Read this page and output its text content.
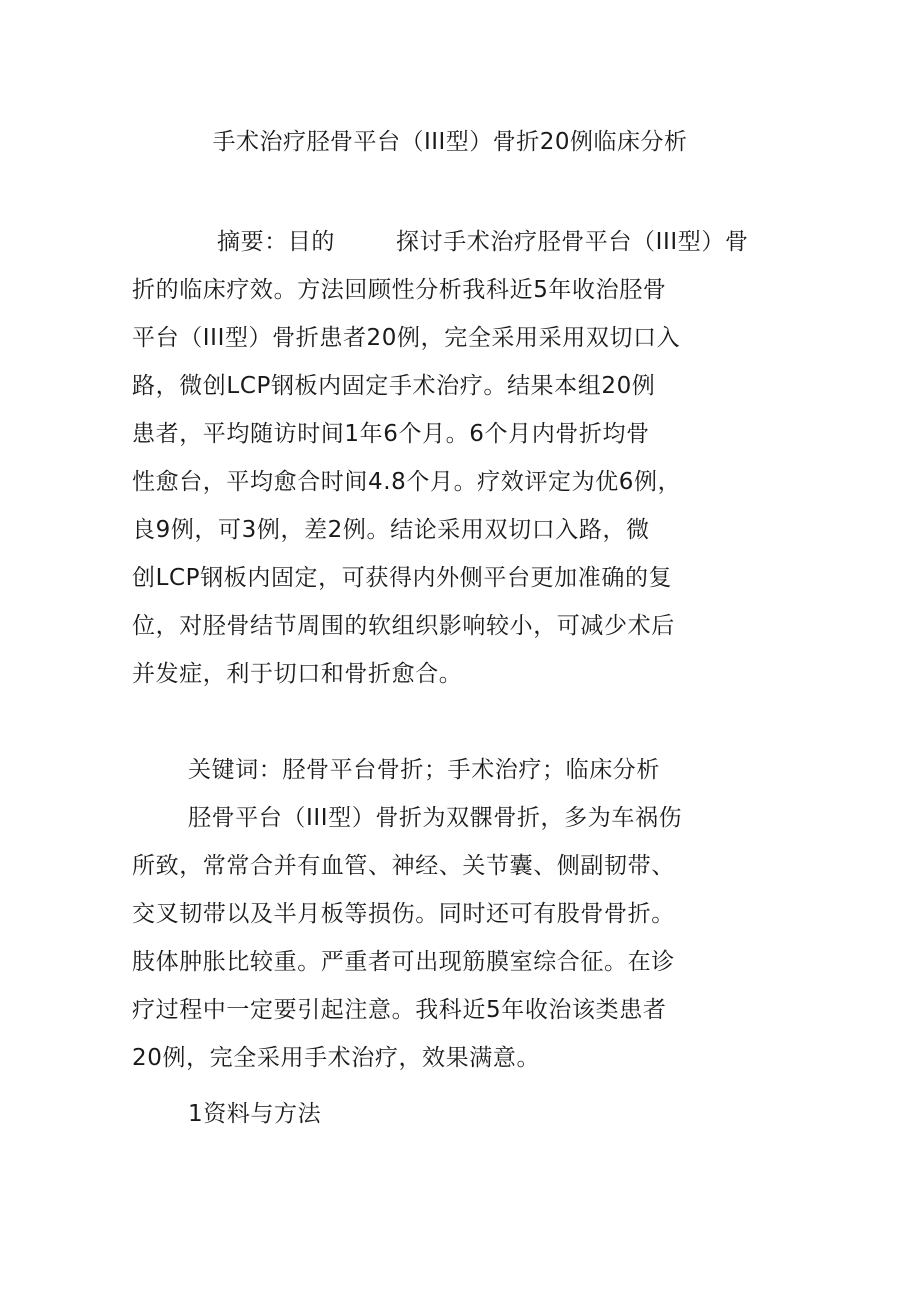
手术治疗胫骨平台（III型）骨折20例临床分析
摘要：目的	探讨手术治疗胫骨平台（III型）骨
折的临床疗效。方法回顾性分析我科近5年收治胫骨
平台（III型）骨折患者20例，完全采用采用双切口入
路，微创LCP钢板内固定手术治疗。结果本组20例
患者，平均随访时间1年6个月。6个月内骨折均骨
性愈台，平均愈合时间4.8个月。疗效评定为优6例，
良9例，可3例，差2例。结论采用双切口入路，微
创LCP钢板内固定，可获得内外侧平台更加准确的复
位，对胫骨结节周围的软组织影响较小，可减少术后
并发症，利于切口和骨折愈合。
关键词：胫骨平台骨折；手术治疗；临床分析
胫骨平台（III型）骨折为双髁骨折，多为车祸伤
所致，常常合并有血管、神经、关节囊、侧副韧带、
交叉韧带以及半月板等损伤。同时还可有股骨骨折。
肢体肿胀比较重。严重者可出现筋膜室综合征。在诊
疗过程中一定要引起注意。我科近5年收治该类患者
20例，完全采用手术治疗，效果满意。
1资料与方法
